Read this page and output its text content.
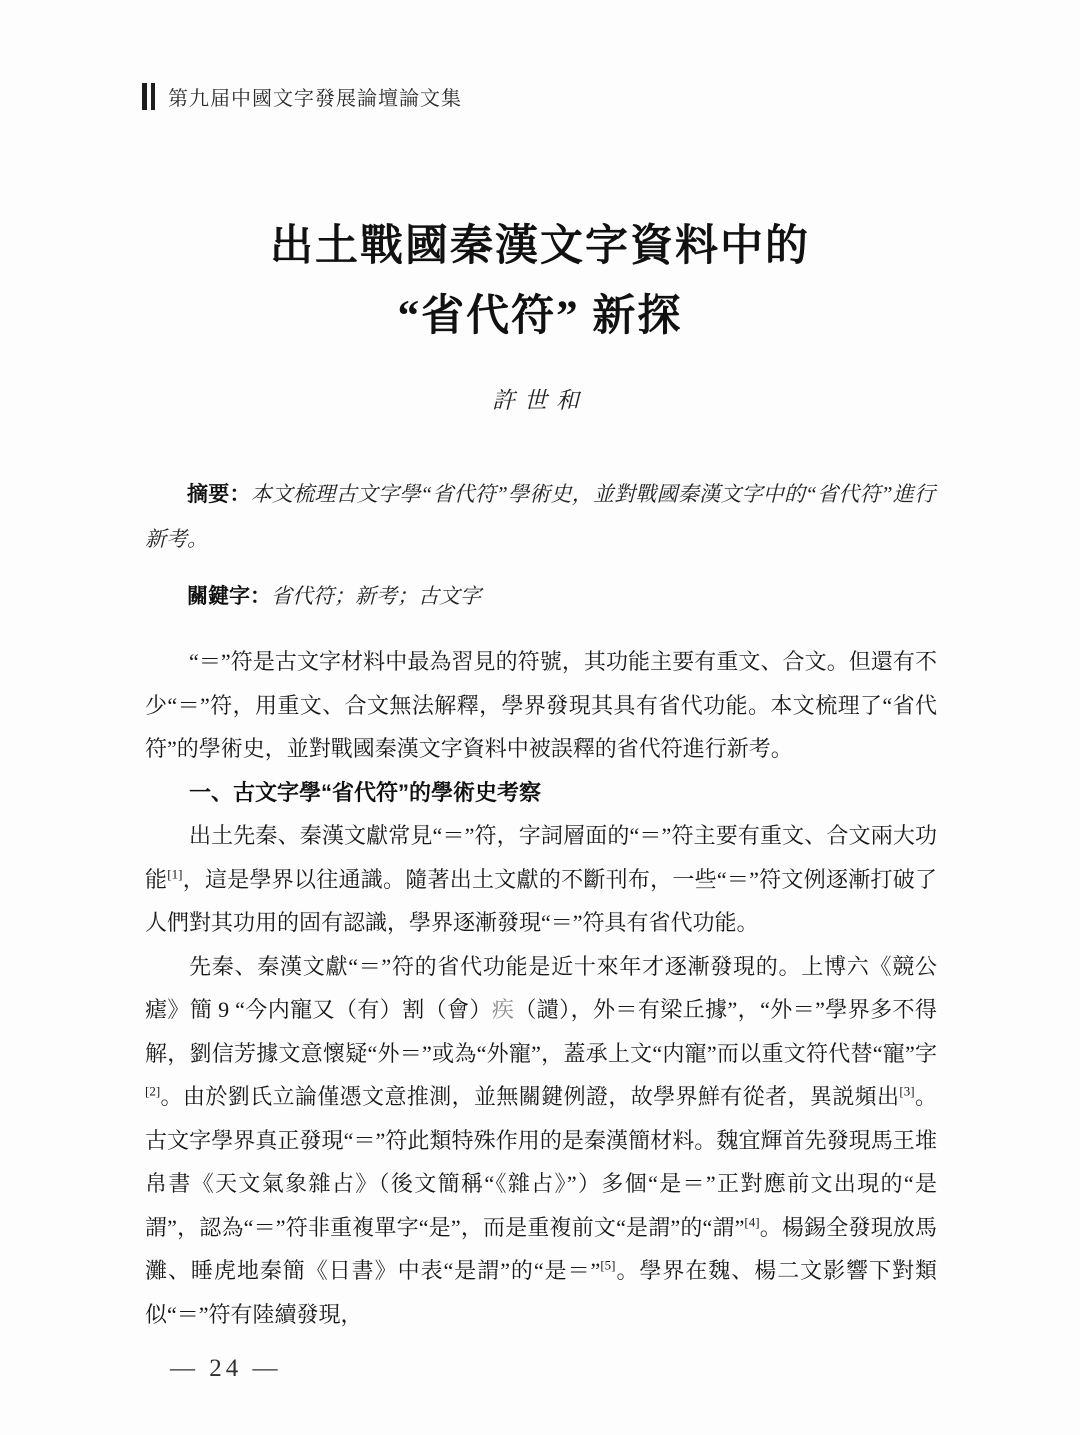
第九届中國文字發展論壇論文集
出土戰國秦漢文字資料中的
“省代符” 新探
許世和

摘要：本文梳理古文字學“省代符”學術史，並對戰國秦漢文字中的“省代符”進行新考。

關鍵字：省代符；新考；古文字

“＝”符是古文字材料中最為習見的符號，其功能主要有重文、合文。但還有不少“＝”符，用重文、合文無法解釋，學界發現其具有省代功能。本文梳理了“省代符”的學術史，並對戰國秦漢文字資料中被誤釋的省代符進行新考。

一、古文字學“省代符”的學術史考察

出土先秦、秦漢文獻常見“＝”符，字詞層面的“＝”符主要有重文、合文兩大功能[1]，這是學界以往通識。隨著出土文獻的不斷刊布，一些“＝”符文例逐漸打破了人們對其功用的固有認識，學界逐漸發現“＝”符具有省代功能。

先秦、秦漢文獻“＝”符的省代功能是近十來年才逐漸發現的。上博六《競公瘧》簡 9 “今内寵又（有）割（會）疾（讉），外＝有梁丘據”，“外＝”學界多不得解，劉信芳據文意懷疑“外＝”或為“外寵”，蓋承上文“内寵”而以重文符代替“寵”字[2]。由於劉氏立論僅憑文意推測，並無關鍵例證，故學界鮮有從者，異説頻出[3]。古文字學界真正發現“＝”符此類特殊作用的是秦漢簡材料。魏宜輝首先發現馬王堆帛書《天文氣象雜占》（後文簡稱“《雜占》”）多個“是＝”正對應前文出現的“是謂”，認為“＝”符非重複單字“是”，而是重複前文“是謂”的“謂”[4]。楊錫全發現放馬灘、睡虎地秦簡《日書》中表“是謂”的“是＝”[5]。學界在魏、楊二文影響下對類似“＝”符有陸續發現，

— 24 —
